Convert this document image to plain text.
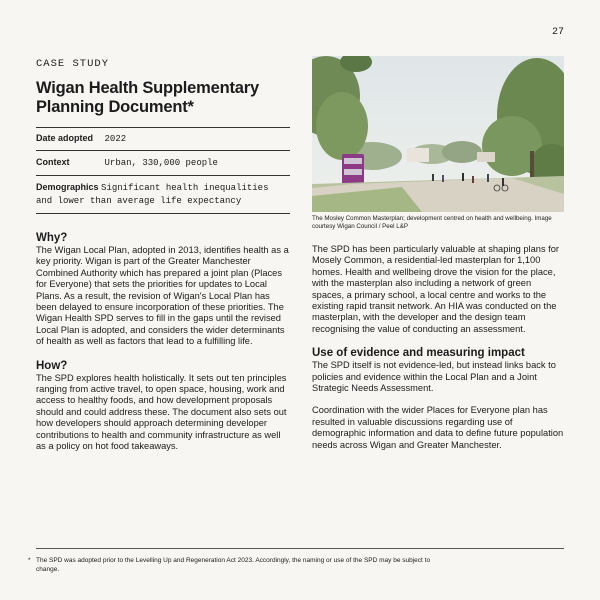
27
CASE STUDY
Wigan Health Supplementary Planning Document*
Date adopted 2022
Context	Urban, 330,000 people
Demographics Significant health inequalities and lower than average life expectancy
Why?
The Wigan Local Plan, adopted in 2013, identifies health as a key priority. Wigan is part of the Greater Manchester Combined Authority which has prepared a joint plan (Places for Everyone) that sets the priorities for updates to Local Plans. As a result, the revision of Wigan's Local Plan has been delayed to ensure incorporation of these priorities. The Wigan Health SPD serves to fill in the gaps until the revised Local Plan is adopted, and considers the wider determinants of health as well as factors that lead to a fulfilling life.
How?
The SPD explores health holistically. It sets out ten principles ranging from active travel, to open space, housing, work and access to healthy foods, and how development proposals should and could address these. The document also sets out how developers should approach determining developer contributions to health and community infrastructure as well as a policy on hot food takeaways.
The Mosley Common Masterplan; development centred on health and wellbeing. Image courtesy Wigan Council / Peel L&P
The SPD has been particularly valuable at shaping plans for Mosely Common, a residential-led masterplan for 1,100 homes. Health and wellbeing drove the vision for the place, with the masterplan also including a network of green spaces, a primary school, a local centre and works to the existing rapid transit network. An HIA was conducted on the masterplan, with the developer and the design team recognising the value of conducting an assessment.
Use of evidence and measuring impact
The SPD itself is not evidence-led, but instead links back to policies and evidence within the Local Plan and a Joint Strategic Needs Assessment.
Coordination with the wider Places for Everyone plan has resulted in valuable discussions regarding use of demographic information and data to define future population needs across Wigan and Greater Manchester.
* The SPD was adopted prior to the Levelling Up and Regeneration Act 2023. Accordingly, the naming or use of the SPD may be subject to change.
